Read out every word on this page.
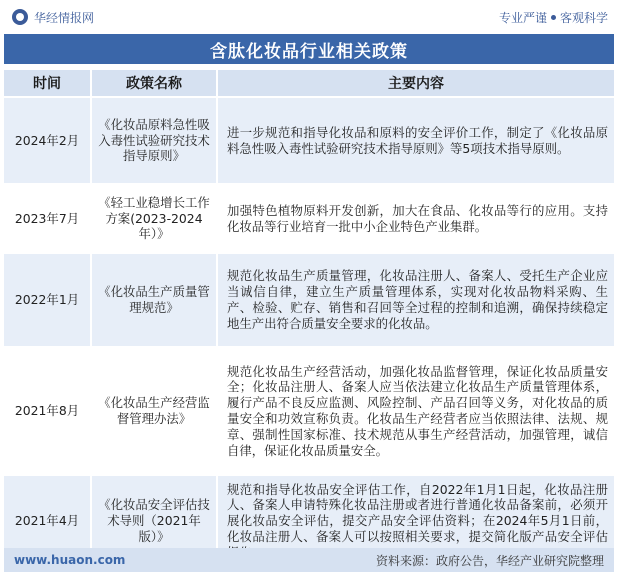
华经情报网	专业严谨 客观科学
含肽化妆品行业相关政策
时间	政策名称	主要内容
2024年2月	《化妆品原料急性吸入毒性试验研究技术指导原则》	进一步规范和指导化妆品和原料的安全评价工作，制定了《化妆品原料急性吸入毒性试验研究技术指导原则》等5项技术指导原则。
2023年7月	《轻工业稳增长工作方案(2023-2024年）》	加强特色植物原料开发创新，加大在食品、化妆品等行的应用。支持化妆品等行业培育一批中小企业特色产业集群。
2022年1月	《化妆品生产质量管理规范》	规范化妆品生产质量管理，化妆品注册人、备案人、受托生产企业应当诚信自律，建立生产质量管理体系，实现对化妆品物料采购、生产、检验、贮存、销售和召回等全过程的控制和追溯，确保持续稳定地生产出符合质量安全要求的化妆品。
2021年8月	《化妆品生产经营监督管理办法》	规范化妆品生产经营活动，加强化妆品监督管理，保证化妆品质量安全；化妆品注册人、备案人应当依法建立化妆品生产质量管理体系，履行产品不良反应监测、风险控制、产品召回等义务，对化妆品的质量安全和功效宣称负责。化妆品生产经营者应当依照法律、法规、规章、强制性国家标准、技术规范从事生产经营活动，加强管理，诚信自律，保证化妆品质量安全。
2021年4月	《化妆品安全评估技术导则（2021年版）》	规范和指导化妆品安全评估工作，自2022年1月1日起，化妆品注册人、备案人申请特殊化妆品注册或者进行普通化妆品备案前，必须开展化妆品安全评估，提交产品安全评估资料；在2024年5月1日前，化妆品注册人、备案人可以按照相关要求，提交简化版产品安全评估
www.huaon.com	资料来源：政府公告，华经产业研究院整理
